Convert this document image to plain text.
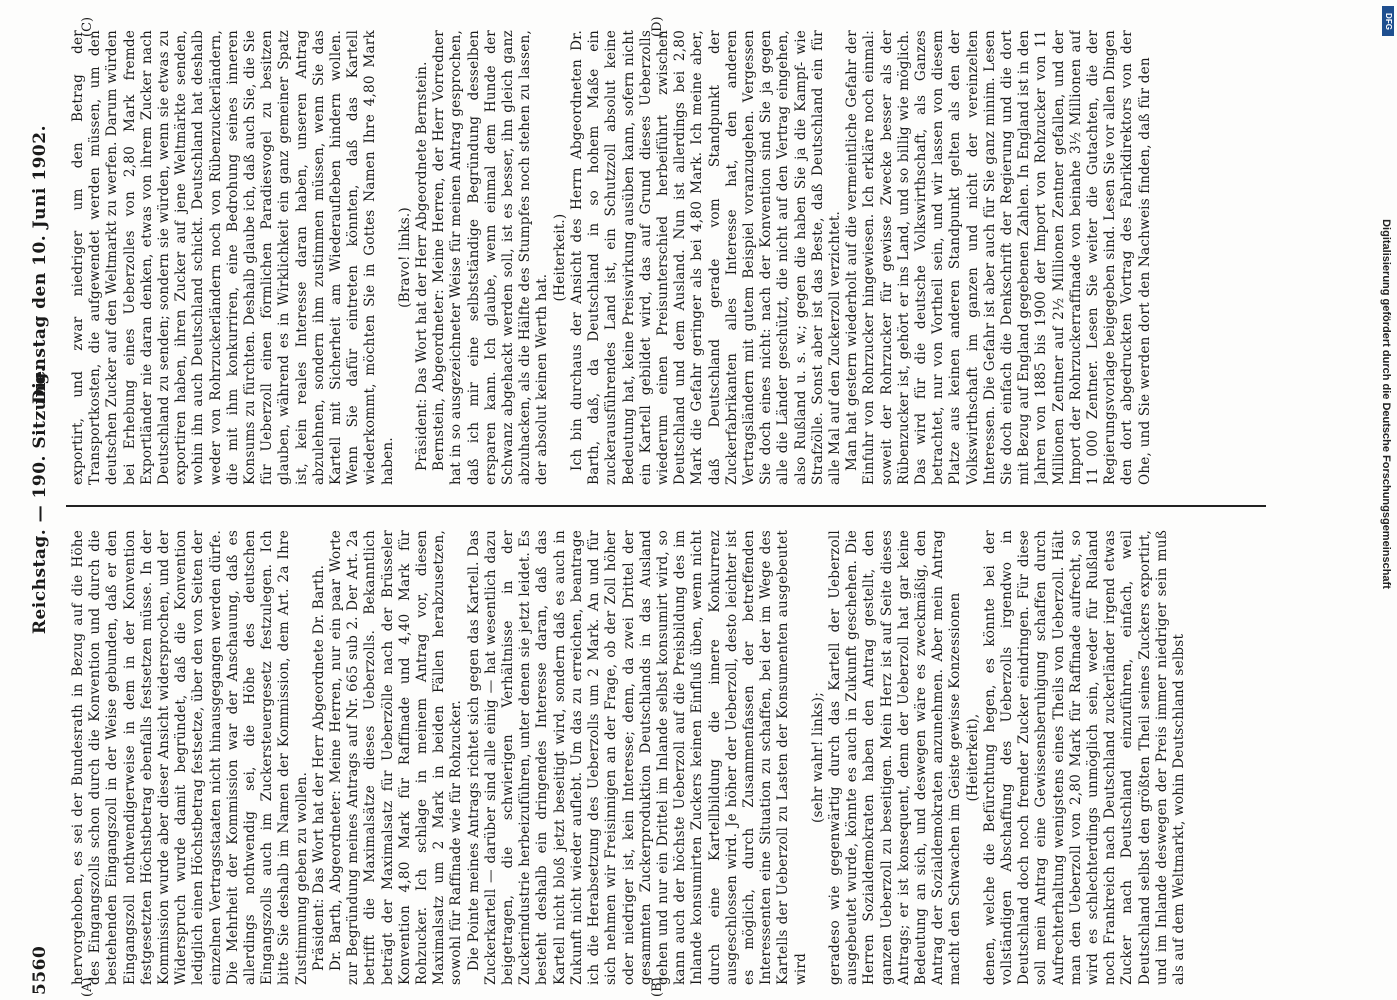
5560
Reichstag. — 190. Sitzung.
Dienstag den 10. Juni 1902.
(A)	(B)
(C)	(D)

hervorgehoben, es sei der Bundesrath in Bezug auf die Höhe des Eingangszolls schon durch die Konvention und durch die bestehenden Eingangszoll in der Weise gebunden, daß er den Eingangszoll nothwendigerweise in dem in der Konvention festgesetzten Höchstbetrag ebenfalls festsetzen müsse. In der Kommission wurde aber dieser Ansicht widersprochen, und der Widerspruch wurde damit begründet, daß die Konvention lediglich einen Höchstbetrag festsetze, über den von Seiten der einzelnen Vertragsstaaten nicht hinausgegangen werden dürfe. Die Mehrheit der Kommission war der Anschauung, daß es allerdings nothwendig sei, die Höhe des deutschen Eingangszolls auch im Zuckersteuergesetz festzulegen. Ich bitte Sie deshalb im Namen der Kommission, dem Art. 2a Ihre Zustimmung geben zu wollen. Präsident: Das Wort hat der Herr Abgeordnete Dr. Barth. Dr. Barth, Abgeordneter: Meine Herren, nur ein paar Worte zur Begründung meines Antrags auf Nr. 665 sub 2. Der Art. 2a betrifft die Maximalsätze dieses Ueberzolls. Bekanntlich beträgt der Maximalsatz für Ueberzölle nach der Brüsseler Konvention 4,80 Mark für Raffinade und 4,40 Mark für Rohzucker. Ich schlage in meinem Antrag vor, diesen Maximalsatz um 2 Mark in beiden Fällen herabzusetzen, sowohl für Raffinade wie für Rohzucker. Die Pointe meines Antrags richtet sich gegen das Kartell. Das Zuckerkartell — darüber sind alle einig — hat wesentlich dazu beigetragen, die schwierigen Verhältnisse in der Zuckerindustrie herbeizuführen, unter denen sie jetzt leidet. Es besteht deshalb ein dringendes Interesse daran, daß das Kartell nicht bloß jetzt beseitigt wird, sondern daß es auch in Zukunft nicht wieder auflebt. Um das zu erreichen, beantrage ich die Herabsetzung des Ueberzolls um 2 Mark. An und für sich nehmen wir Freisinnigen an der Frage, ob der Zoll höher oder niedriger ist, kein Interesse; denn, da zwei Drittel der gesammten Zuckerproduktion Deutschlands in das Ausland gehen und nur ein Drittel im Inlande selbst konsumirt wird, so kann auch der höchste Ueberzoll auf die Preisbildung des im Inlande konsumirten Zuckers keinen Einfluß üben, wenn nicht durch eine Kartellbildung die innere Konkurrenz ausgeschlossen wird. Je höher der Ueberzoll, desto leichter ist es möglich, durch Zusammenfassen der betreffenden Interessenten eine Situation zu schaffen, bei der im Wege des Kartells der Ueberzoll zu Lasten der Konsumenten ausgebeutet wird

(sehr wahr! links); geradeso wie gegenwärtig durch das Kartell der Ueberzoll ausgebeutet wurde, könnte es auch in Zukunft geschehen. Die Herren Sozialdemokraten haben den Antrag gestellt, den ganzen Ueberzoll zu beseitigen. Mein Herz ist auf Seite dieses Antrags; er ist konsequent, denn der Ueberzoll hat gar keine Bedeutung an sich, und deswegen wäre es zweckmäßig, den Antrag der Sozialdemokraten anzunehmen. Aber mein Antrag macht den Schwachen im Geiste gewisse Konzessionen (Heiterkeit), denen, welche die Befürchtung hegen, es könnte bei der vollständigen Abschaffung des Ueberzolls irgendwo in Deutschland doch noch fremder Zucker eindringen. Für diese soll mein Antrag eine Gewissensberuhigung schaffen durch Aufrechterhaltung wenigstens eines Theils von Ueberzoll. Hält man den Ueberzoll von 2,80 Mark für Raffinade aufrecht, so wird es schlechterdings unmöglich sein, weder für Rußland noch Frankreich nach Deutschland zuckerländer irgend etwas Zucker nach Deutschland einzuführen, einfach, weil Deutschland selbst den größten Theil seines Zuckers exportirt, und im Inlande deswegen der Preis immer niedriger sein muß als auf dem Weltmarkt, wohin Deutschland selbst

exportirt, und zwar niedriger um den Betrag der Transportkosten, die aufgewendet werden müssen, um den deutschen Zucker auf den Weltmarkt zu werfen. Darum würden bei Erhebung eines Ueberzolles von 2,80 Mark fremde Exportländer nie daran denken, etwas von ihrem Zucker nach Deutschland zu senden; sondern sie würden, wenn sie etwas zu exportiren haben, ihren Zucker auf jene Weltmärkte senden, wohin ihn auch Deutschland schickt. Deutschland hat deshalb weder von Rohrzuckerländern noch von Rübenzuckerländern, die mit ihm konkurriren, eine Bedrohung seines inneren Konsums zu fürchten. Deshalb glaube ich, daß auch Sie, die Sie für Ueberzoll einen förmlichen Paradiesvogel zu besitzen glauben, während es in Wirklichkeit ein ganz gemeiner Spatz ist, kein reales Interesse daran haben, unseren Antrag abzulehnen, sondern ihm zustimmen müssen, wenn Sie das Kartell mit Sicherheit am Wiederaufleben hindern wollen. Wenn Sie dafür eintreten könnten, daß das Kartell wiederkommt, möchten Sie in Gottes Namen Ihre 4,80 Mark haben.

(Bravo! links.) Präsident: Das Wort hat der Herr Abgeordnete Bernstein. Bernstein, Abgeordneter: Meine Herren, der Herr Vorredner hat in so ausgezeichneter Weise für meinen Antrag gesprochen, daß ich mir eine selbstständige Begründung desselben ersparen kann. Ich glaube, wenn einmal dem Hunde der Schwanz abgehackt werden soll, ist es besser, ihn gleich ganz abzuhacken, als die Hälfte des Stumpfes noch stehen zu lassen, der absolut keinen Werth hat.

(Heiterkeit.) Ich bin durchaus der Ansicht des Herrn Abgeordneten Dr. Barth, daß, da Deutschland in so hohem Maße ein zuckerausführendes Land ist, ein Schutzzoll absolut keine Bedeutung hat, keine Preiswirkung ausüben kann, sofern nicht ein Kartell gebildet wird, das auf Grund dieses Ueberzolls wiederum einen Preisunterschied herbeiführt zwischen Deutschland und dem Ausland. Nun ist allerdings bei 2,80 Mark die Gefahr geringer als bei 4,80 Mark. Ich meine aber, daß Deutschland gerade vom Standpunkt der Zuckerfabrikanten alles Interesse hat, den anderen Vertragsländern mit gutem Beispiel voranzugehen. Vergessen Sie doch eines nicht: nach der Konvention sind Sie ja gegen alle die Länder geschützt, die nicht auf den Vertrag eingehen, also Rußland u. s. w.; gegen die haben Sie ja die Kampf- wie Strafzölle. Sonst aber ist das Beste, daß Deutschland ein für alle Mal auf den Zuckerzoll verzichtet. Man hat gestern wiederholt auf die vermeintliche Gefahr der Einfuhr von Rohrzucker hingewiesen. Ich erkläre noch einmal: soweit der Rohrzucker für gewisse Zwecke besser als der Rübenzucker ist, gehört er ins Land, und so billig wie möglich. Das wird für die deutsche Volkswirthschaft, als Ganzes betrachtet, nur von Vortheil sein, und wir lassen von diesem Platze aus keinen anderen Standpunkt gelten als den der Volkswirthschaft im ganzen und nicht der vereinzelten Interessen. Die Gefahr ist aber auch für Sie ganz minim. Lesen Sie doch einfach die Denkschrift der Regierung und die dort mit Bezug auf England gegebenen Zahlen. In England ist in den Jahren von 1885 bis 1900 der Import von Rohzucker von 11 Millionen Zentner auf 2½ Millionen Zentner gefallen, und der Import der Rohrzuckerraffinade von beinahe 3½ Millionen auf 11 000 Zentner. Lesen Sie weiter die Gutachten, die der Regierungsvorlage beigegeben sind. Lesen Sie vor allen Dingen den dort abgedruckten Vortrag des Fabrikdirektors von der Ohe, und Sie werden dort den Nachweis finden, daß für den

DFG
Digitalisierung gefördert durch die Deutsche Forschungsgemeinschaft
